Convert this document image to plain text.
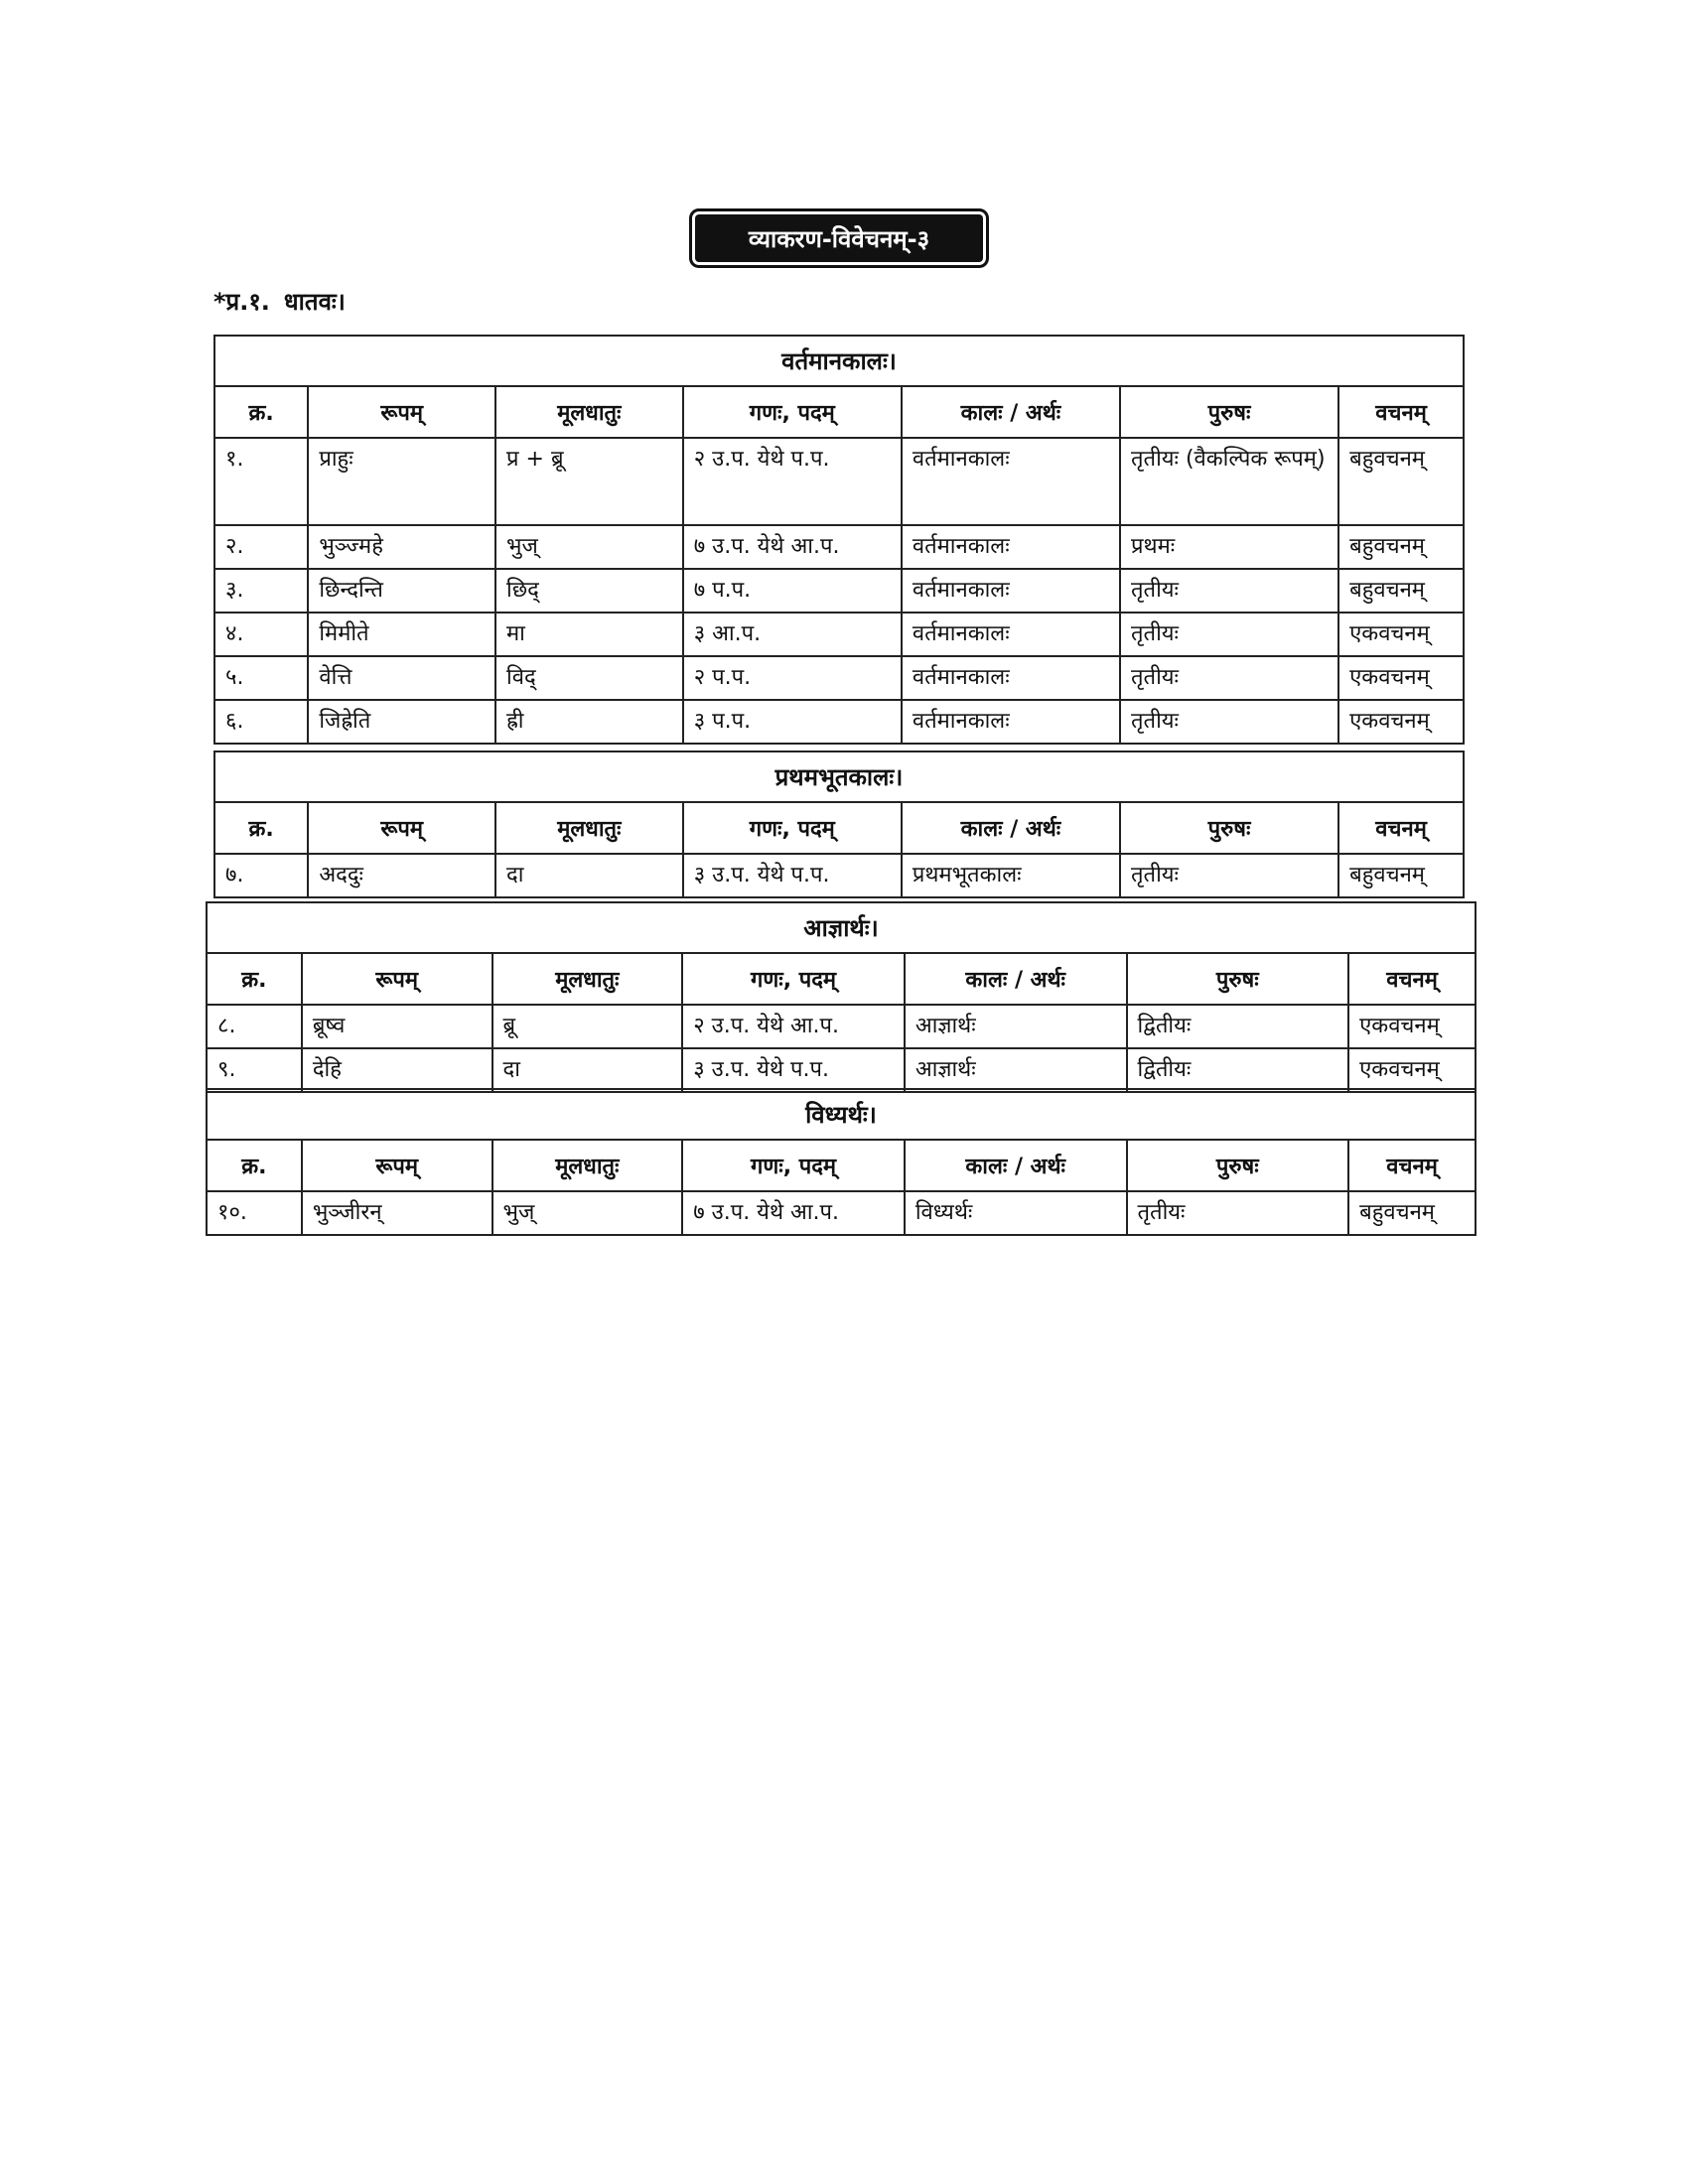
व्याकरण-विवेचनम्-३
*प्र.१. धातवः।
वर्तमानकालः।						
क्र.	रूपम्	मूलधातुः	गणः, पदम्	कालः / अर्थः	पुरुषः	वचनम्
१.	प्राहुः	प्र + ब्रू	२ उ.प. येथे प.प.	वर्तमानकालः	तृतीयः (वैकल्पिक रूपम्)	बहुवचनम्
२.	भुञ्ज्महे	भुज्	७ उ.प. येथे आ.प.	वर्तमानकालः	प्रथमः	बहुवचनम्
३.	छिन्दन्ति	छिद्	७ प.प.	वर्तमानकालः	तृतीयः	बहुवचनम्
४.	मिमीते	मा	३ आ.प.	वर्तमानकालः	तृतीयः	एकवचनम्
५.	वेत्ति	विद्	२ प.प.	वर्तमानकालः	तृतीयः	एकवचनम्
६.	जिह्रेति	ह्री	३ प.प.	वर्तमानकालः	तृतीयः	एकवचनम्
प्रथमभूतकालः।						
क्र.	रूपम्	मूलधातुः	गणः, पदम्	कालः / अर्थः	पुरुषः	वचनम्
७.	अददुः	दा	३ उ.प. येथे प.प.	प्रथमभूतकालः	तृतीयः	बहुवचनम्
आज्ञार्थः।						
क्र.	रूपम्	मूलधातुः	गणः, पदम्	कालः / अर्थः	पुरुषः	वचनम्
८.	ब्रूष्व	ब्रू	२ उ.प. येथे आ.प.	आज्ञार्थः	द्वितीयः	एकवचनम्
९.	देहि	दा	३ उ.प. येथे प.प.	आज्ञार्थः	द्वितीयः	एकवचनम्
विध्यर्थः।						
क्र.	रूपम्	मूलधातुः	गणः, पदम्	कालः / अर्थः	पुरुषः	वचनम्
१०.	भुञ्जीरन्	भुज्	७ उ.प. येथे आ.प.	विध्यर्थः	तृतीयः	बहुवचनम्
